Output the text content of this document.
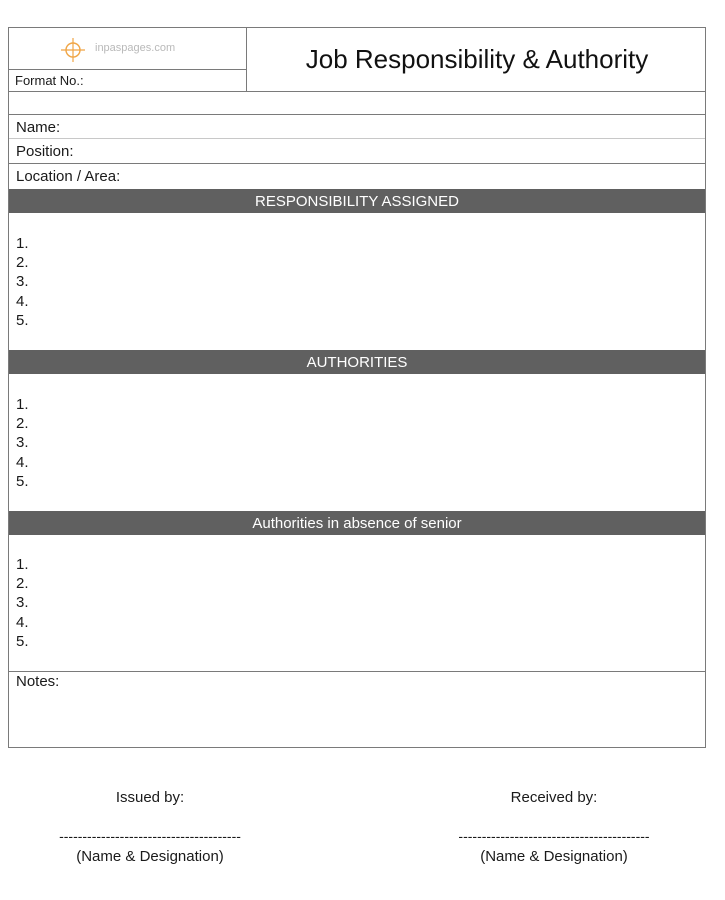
inpaspages.com
Format No.:
Job Responsibility & Authority
Name:
Position:
Location / Area:
RESPONSIBILITY ASSIGNED
1.
2.
3.
4.
5.
AUTHORITIES
1.
2.
3.
4.
5.
Authorities in absence of senior
1.
2.
3.
4.
5.
Notes:
Issued by:
---------------------------------------
(Name & Designation)
Received by:
-----------------------------------------
(Name & Designation)
